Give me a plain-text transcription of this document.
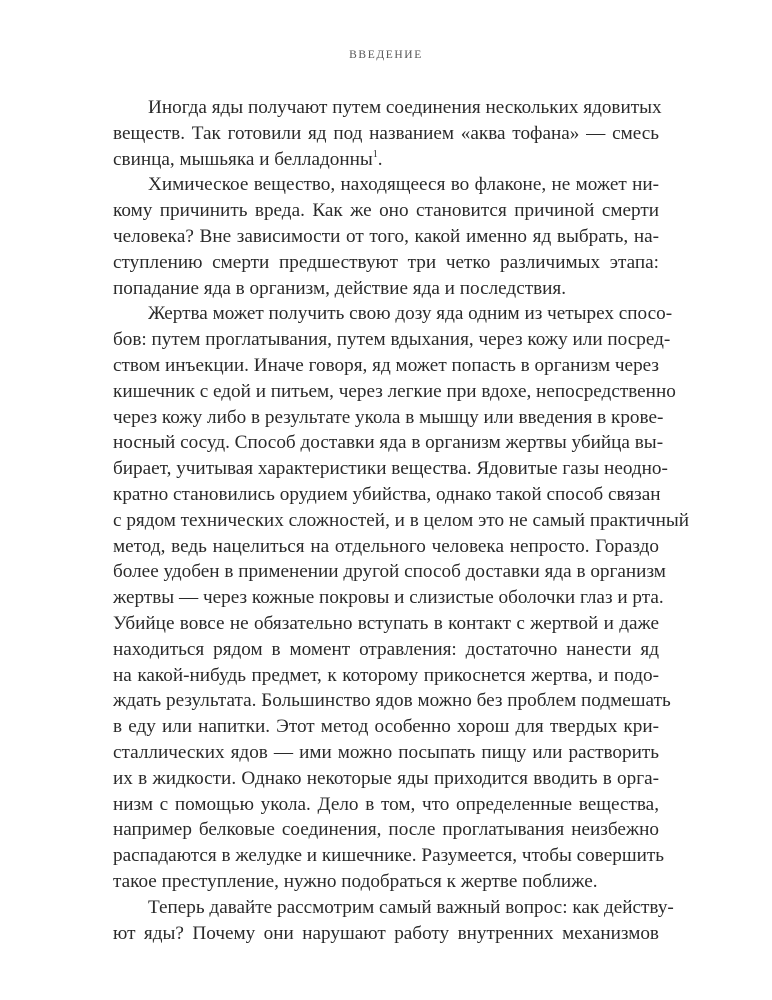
ВВЕДЕНИЕ
Иногда яды получают путем соединения нескольких ядовитых
веществ. Так готовили яд под названием «аква тофана» — смесь
свинца, мышьяка и белладонны$^1$.
Химическое вещество, находящееся во флаконе, не может ни-
кому причинить вреда. Как же оно становится причиной смерти
человека? Вне зависимости от того, какой именно яд выбрать, на-
ступлению смерти предшествуют три четко различимых этапа:
попадание яда в организм, действие яда и последствия.
Жертва может получить свою дозу яда одним из четырех спосо-
бов: путем проглатывания, путем вдыхания, через кожу или посред-
ством инъекции. Иначе говоря, яд может попасть в организм через
кишечник с едой и питьем, через легкие при вдохе, непосредственно
через кожу либо в результате укола в мышцу или введения в крове-
носный сосуд. Способ доставки яда в организм жертвы убийца вы-
бирает, учитывая характеристики вещества. Ядовитые газы неодно-
кратно становились орудием убийства, однако такой способ связан
с рядом технических сложностей, и в целом это не самый практичный
метод, ведь нацелиться на отдельного человека непросто. Гораздо
более удобен в применении другой способ доставки яда в организм
жертвы — через кожные покровы и слизистые оболочки глаз и рта.
Убийце вовсе не обязательно вступать в контакт с жертвой и даже
находиться рядом в момент отравления: достаточно нанести яд
на какой-нибудь предмет, к которому прикоснется жертва, и подо-
ждать результата. Большинство ядов можно без проблем подмешать
в еду или напитки. Этот метод особенно хорош для твердых кри-
сталлических ядов — ими можно посыпать пищу или растворить
их в жидкости. Однако некоторые яды приходится вводить в орга-
низм с помощью укола. Дело в том, что определенные вещества,
например белковые соединения, после проглатывания неизбежно
распадаются в желудке и кишечнике. Разумеется, чтобы совершить
такое преступление, нужно подобраться к жертве поближе.
Теперь давайте рассмотрим самый важный вопрос: как действу-
ют яды? Почему они нарушают работу внутренних механизмов
